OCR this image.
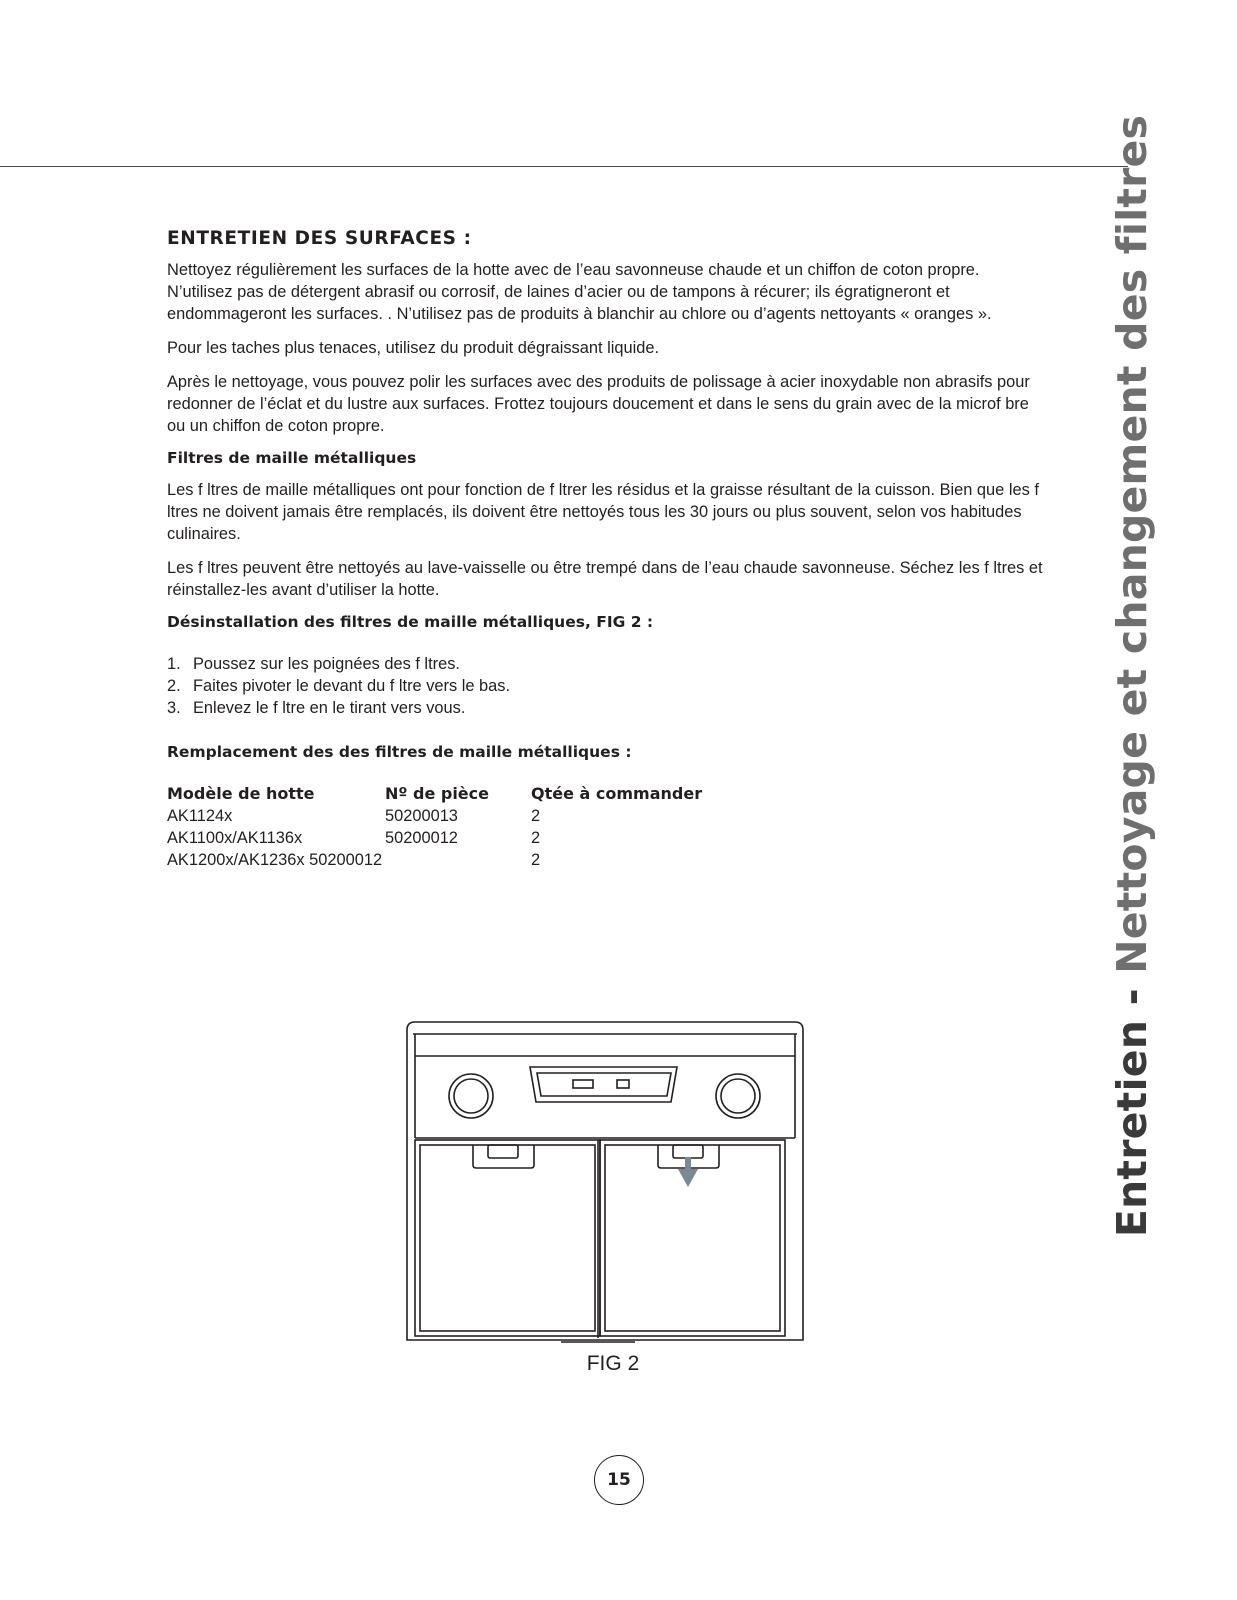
Entretien - Nettoyage et changement des filtres
ENTRETIEN DES SURFACES :

Nettoyez régulièrement les surfaces de la hotte avec de l’eau savonneuse chaude et un chiffon de coton propre. N’utilisez pas de détergent abrasif ou corrosif, de laines d’acier ou de tampons à récurer; ils égratigneront et endommageront les surfaces. . N’utilisez pas de produits à blanchir au chlore ou d’agents nettoyants « oranges ».

Pour les taches plus tenaces, utilisez du produit dégraissant liquide.

Après le nettoyage, vous pouvez polir les surfaces avec des produits de polissage à acier inoxydable non abrasifs pour redonner de l’éclat et du lustre aux surfaces. Frottez toujours doucement et dans le sens du grain avec de la microf bre ou un chiffon de coton propre.

Filtres de maille métalliques

Les f ltres de maille métalliques ont pour fonction de f ltrer les résidus et la graisse résultant de la cuisson. Bien que les f ltres ne doivent jamais être remplacés, ils doivent être nettoyés tous les 30 jours ou plus souvent, selon vos habitudes culinaires.

Les f ltres peuvent être nettoyés au lave-vaisselle ou être trempé dans de l’eau chaude savonneuse. Séchez les f ltres et réinstallez-les avant d’utiliser la hotte.

Désinstallation des filtres de maille métalliques, FIG 2 :
1. Poussez sur les poignées des f ltres.
2. Faites pivoter le devant du f ltre vers le bas.
3. Enlevez le f ltre en le tirant vers vous.
Remplacement des des filtres de maille métalliques :
Modèle de hotte	Nº de pièce	Qtée à commander
AK1124x	50200013	2
AK1100x/AK1136x	50200012	2
AK1200x/AK1236x 50200012	2
FIG 2
15
